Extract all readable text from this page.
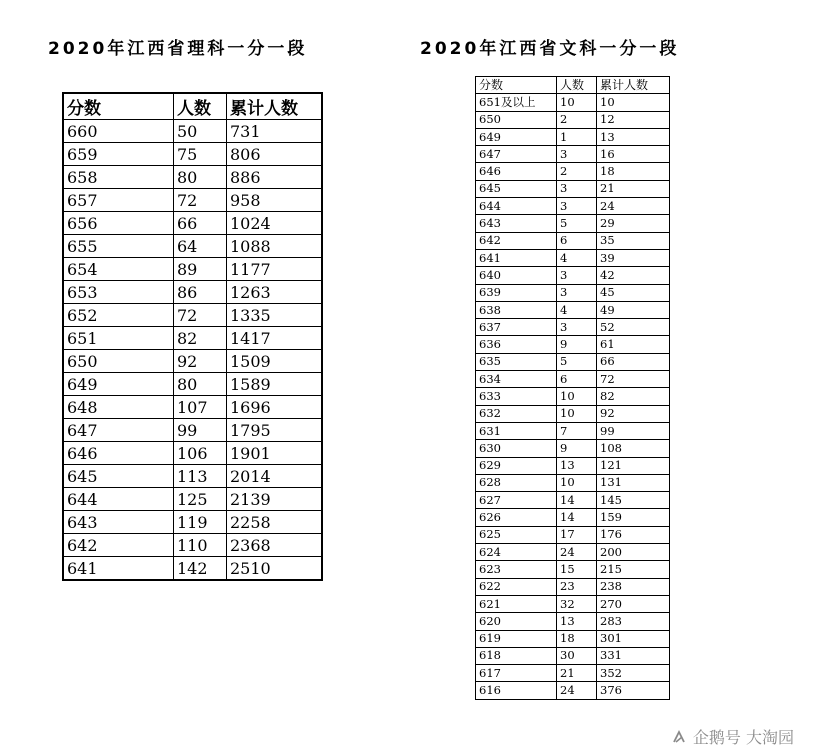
2020年江西省理科一分一段	2020年江西省文科一分一段
分数	人数	累计人数
660	50	731
659	75	806
658	80	886
657	72	958
656	66	1024
655	64	1088
654	89	1177
653	86	1263
652	72	1335
651	82	1417
650	92	1509
649	80	1589
648	107	1696
647	99	1795
646	106	1901
645	113	2014
644	125	2139
643	119	2258
642	110	2368
641	142	2510
分数	人数	累计人数
651及以上	10	10
650	2	12
649	1	13
647	3	16
646	2	18
645	3	21
644	3	24
643	5	29
642	6	35
641	4	39
640	3	42
639	3	45
638	4	49
637	3	52
636	9	61
635	5	66
634	6	72
633	10	82
632	10	92
631	7	99
630	9	108
629	13	121
628	10	131
627	14	145
626	14	159
625	17	176
624	24	200
623	15	215
622	23	238
621	32	270
620	13	283
619	18	301
618	30	331
617	21	352
616	24	376
企鹅号 大淘园
